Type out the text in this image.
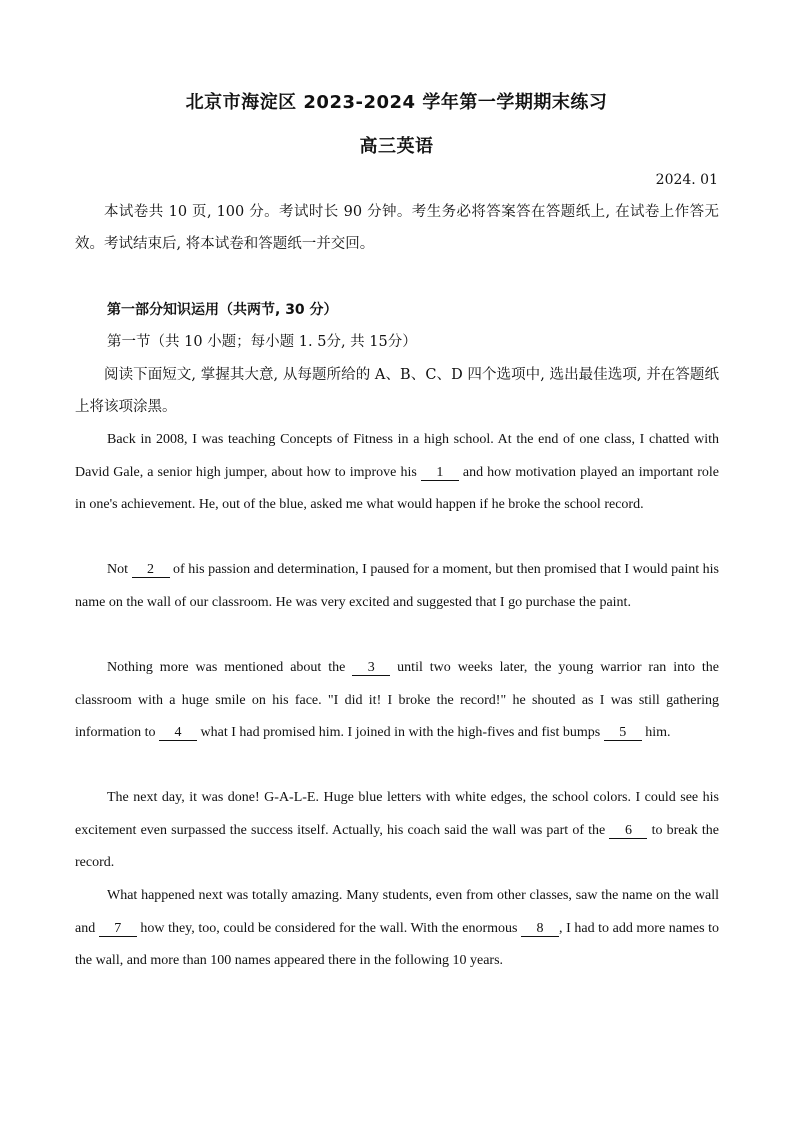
北京市海淀区 2023-2024 学年第一学期期末练习
高三英语
2024. 01

本试卷共 10 页, 100 分。考试时长 90 分钟。考生务必将答案答在答题纸上, 在试卷上作答无效。考试结束后, 将本试卷和答题纸一并交回。

第一部分知识运用（共两节, 30 分）

第一节（共 10 小题；每小题 1. 5分, 共 15分）

阅读下面短文, 掌握其大意, 从每题所给的 A、B、C、D 四个选项中, 选出最佳选项, 并在答题纸上将该项涂黑。

Back in 2008, I was teaching Concepts of Fitness in a high school. At the end of one class, I chatted with David Gale, a senior high jumper, about how to improve his 1 and how motivation played an important role in one's achievement. He, out of the blue, asked me what would happen if he broke the school record.

Not 2 of his passion and determination, I paused for a moment, but then promised that I would paint his name on the wall of our classroom. He was very excited and suggested that I go purchase the paint.

Nothing more was mentioned about the 3 until two weeks later, the young warrior ran into the classroom with a huge smile on his face. "I did it! I broke the record!" he shouted as I was still gathering information to 4 what I had promised him. I joined in with the high-fives and fist bumps 5 him.

The next day, it was done! G-A-L-E. Huge blue letters with white edges, the school colors. I could see his excitement even surpassed the success itself. Actually, his coach said the wall was part of the 6 to break the record.

What happened next was totally amazing. Many students, even from other classes, saw the name on the wall and 7 how they, too, could be considered for the wall. With the enormous 8 , I had to add more names to the wall, and more than 100 names appeared there in the following 10 years.
